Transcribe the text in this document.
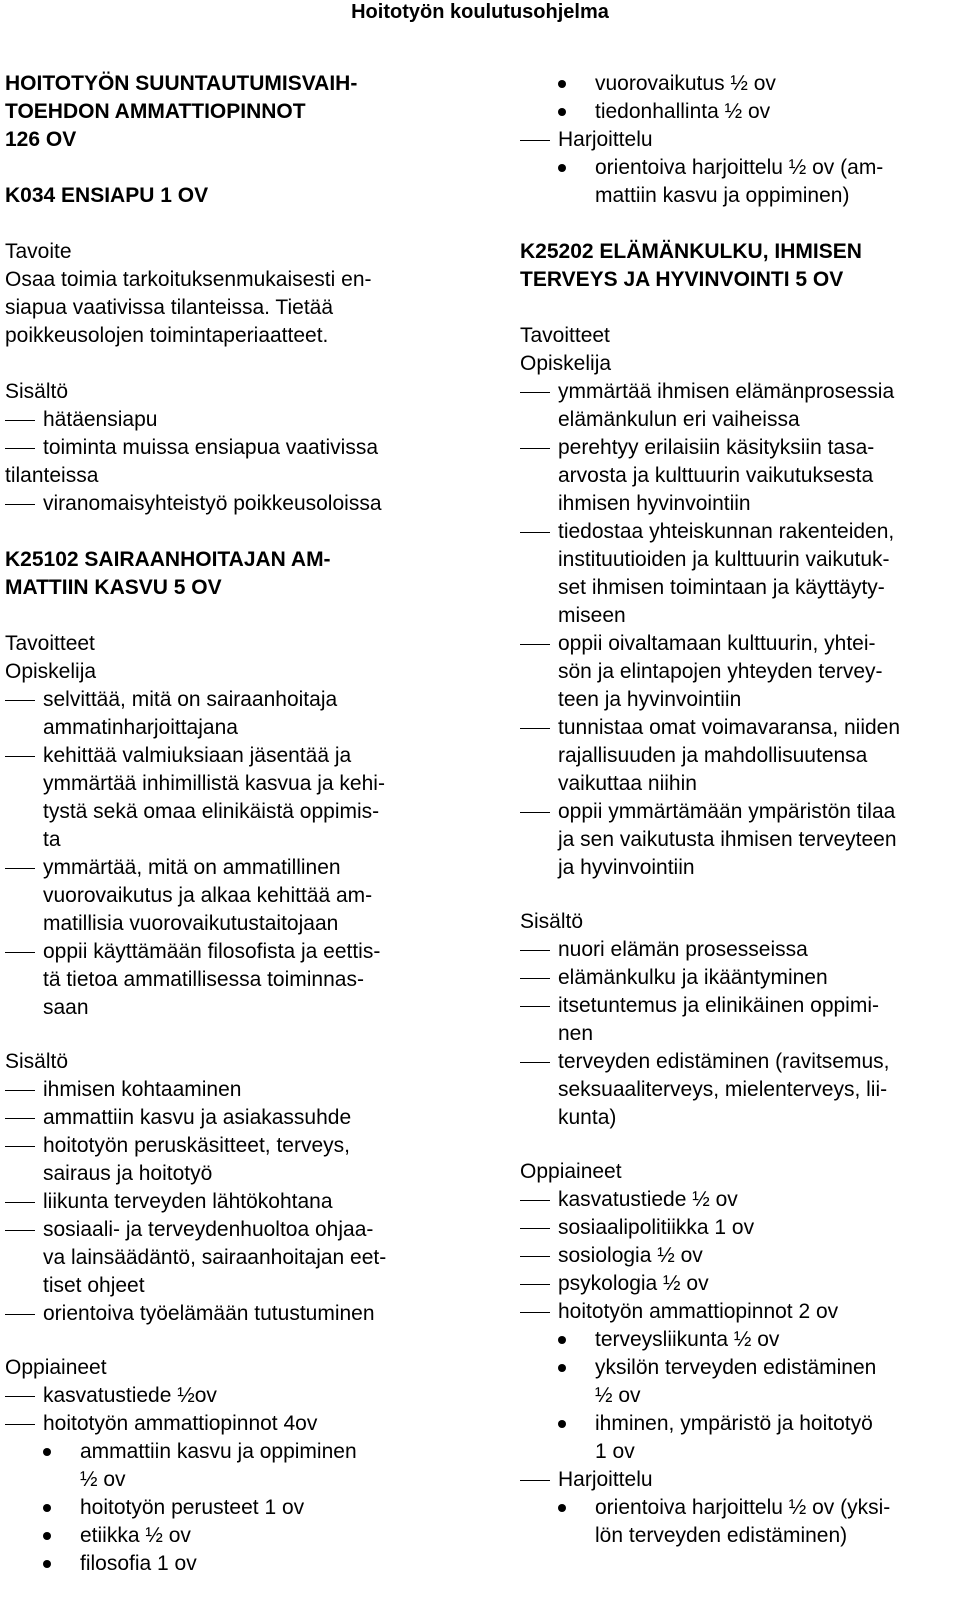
Hoitotyön koulutusohjelma
HOITOTYÖN SUUNTAUTUMISVAIH-
TOEHDON AMMATTIOPINNOT
126 OV
K034 ENSIAPU 1 OV
Tavoite
Osaa toimia tarkoituksenmukaisesti en-
siapua vaativissa tilanteissa. Tietää
poikkeusolojen toimintaperiaatteet.
Sisältö
hätäensiapu
toiminta muissa ensiapua vaativissa
tilanteissa
viranomaisyhteistyö poikkeusoloissa
K25102 SAIRAANHOITAJAN AM-
MATTIIN KASVU 5 OV
Tavoitteet
Opiskelija
selvittää, mitä on sairaanhoitaja
ammatinharjoittajana
kehittää valmiuksiaan jäsentää ja
ymmärtää inhimillistä kasvua ja kehi-
tystä sekä omaa elinikäistä oppimis-
ta
ymmärtää, mitä on ammatillinen
vuorovaikutus ja alkaa kehittää am-
matillisia vuorovaikutustaitojaan
oppii käyttämään filosofista ja eettis-
tä tietoa ammatillisessa toiminnas-
saan
Sisältö
ihmisen kohtaaminen
ammattiin kasvu ja asiakassuhde
hoitotyön peruskäsitteet, terveys,
sairaus ja hoitotyö
liikunta terveyden lähtökohtana
sosiaali- ja terveydenhuoltoa ohjaa-
va lainsäädäntö, sairaanhoitajan eet-
tiset ohjeet
orientoiva työelämään tutustuminen
Oppiaineet
kasvatustiede ½ov
hoitotyön ammattiopinnot 4ov
ammattiin kasvu ja oppiminen
½ ov
hoitotyön perusteet 1 ov
etiikka ½ ov
filosofia 1 ov
vuorovaikutus ½ ov
tiedonhallinta ½ ov
Harjoittelu
orientoiva harjoittelu ½ ov (am-
mattiin kasvu ja oppiminen)
K25202 ELÄMÄNKULKU, IHMISEN
TERVEYS JA HYVINVOINTI 5 OV
Tavoitteet
Opiskelija
ymmärtää ihmisen elämänprosessia
elämänkulun eri vaiheissa
perehtyy erilaisiin käsityksiin tasa-
arvosta ja kulttuurin vaikutuksesta
ihmisen hyvinvointiin
tiedostaa yhteiskunnan rakenteiden,
instituutioiden ja kulttuurin vaikutuk-
set ihmisen toimintaan ja käyttäyty-
miseen
oppii oivaltamaan kulttuurin, yhtei-
sön ja elintapojen yhteyden tervey-
teen ja hyvinvointiin
tunnistaa omat voimavaransa, niiden
rajallisuuden ja mahdollisuutensa
vaikuttaa niihin
oppii ymmärtämään ympäristön tilaa
ja sen vaikutusta ihmisen terveyteen
ja hyvinvointiin
Sisältö
nuori elämän prosesseissa
elämänkulku ja ikääntyminen
itsetuntemus ja elinikäinen oppimi-
nen
terveyden edistäminen (ravitsemus,
seksuaaliterveys, mielenterveys, lii-
kunta)
Oppiaineet
kasvatustiede ½ ov
sosiaalipolitiikka 1 ov
sosiologia ½ ov
psykologia ½ ov
hoitotyön ammattiopinnot 2 ov
terveysliikunta ½ ov
yksilön terveyden edistäminen
½ ov
ihminen, ympäristö ja hoitotyö
1 ov
Harjoittelu
orientoiva harjoittelu ½ ov (yksi-
lön terveyden edistäminen)
